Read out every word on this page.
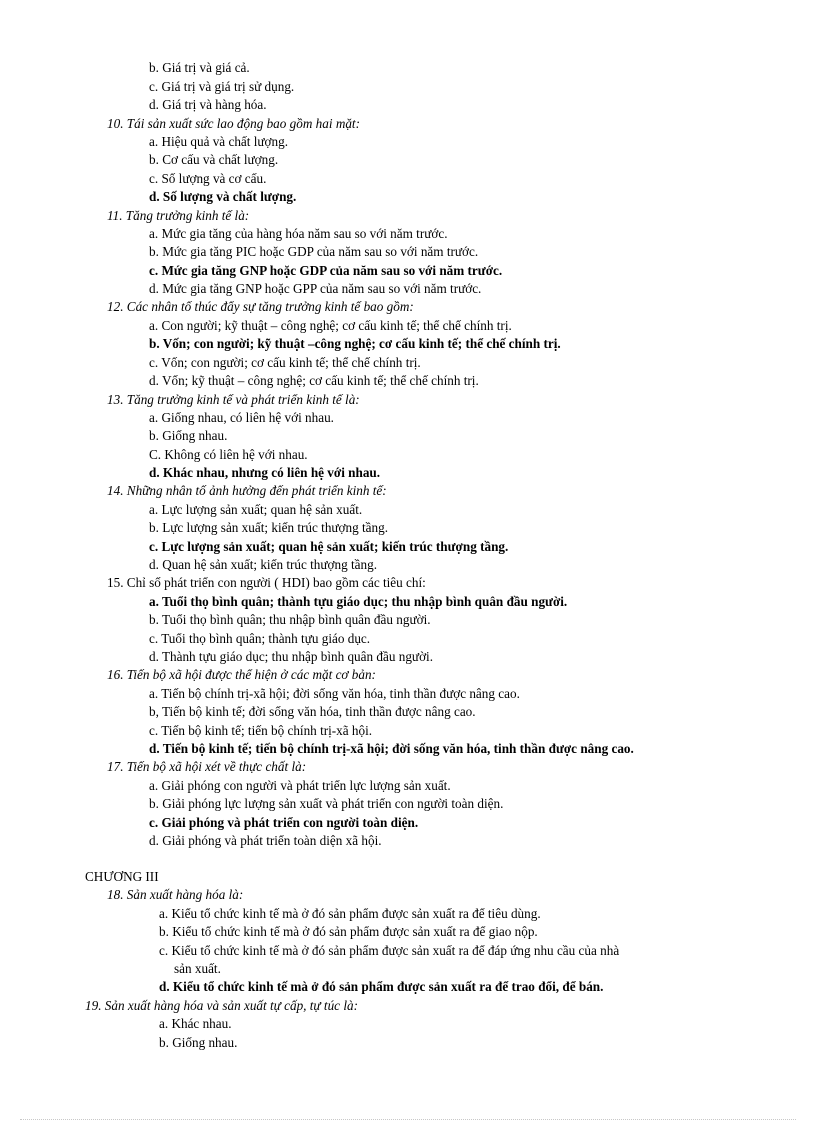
b. Giá trị và giá cả.
c. Giá trị và giá trị sử dụng.
d. Giá trị và hàng hóa.
10. Tái sản xuất sức lao động bao gồm hai mặt:
a. Hiệu quả và chất lượng.
b. Cơ cấu và chất lượng.
c. Số lượng và cơ cấu.
d. Số lượng và chất lượng.
11. Tăng trưởng kinh tế là:
a. Mức gia tăng của hàng hóa năm sau so với năm trước.
b. Mức gia tăng PIC hoặc GDP của năm sau so với năm trước.
c. Mức gia tăng GNP hoặc GDP của năm sau so với năm trước.
d. Mức gia tăng GNP hoặc GPP của năm sau so với năm trước.
12. Các nhân tố thúc đẩy sự tăng trưởng kinh tế bao gồm:
a. Con người; kỹ thuật – công nghệ; cơ cấu kinh tế; thể chế chính trị.
b. Vốn; con người; kỹ thuật –công nghệ; cơ cấu kinh tế; thể chế chính trị.
c. Vốn; con người; cơ cấu kinh tế; thể chế chính trị.
d. Vốn; kỹ thuật – công nghệ; cơ cấu kinh tế; thể chế chính trị.
13. Tăng trưởng kinh tế và phát triển kinh tế là:
a. Giống nhau, có liên hệ với nhau.
b. Giống nhau.
C. Không có liên hệ với nhau.
d. Khác nhau, nhưng có liên hệ với nhau.
14. Những nhân tố ảnh hưởng đến phát triển kinh tế:
a. Lực lượng sản xuất; quan hệ sản xuất.
b. Lực lượng sản xuất; kiến trúc thượng tầng.
c. Lực lượng sản xuất; quan hệ sản xuất; kiến trúc thượng tầng.
d. Quan hệ sản xuất; kiến trúc thượng tầng.
15. Chỉ số phát triển con người ( HDI) bao gồm các tiêu chí:
a. Tuổi thọ bình quân; thành tựu giáo dục; thu nhập bình quân đầu người.
b. Tuổi thọ bình quân; thu nhập bình quân đầu người.
c. Tuổi thọ bình quân; thành tựu giáo dục.
d. Thành tựu giáo dục; thu nhập bình quân đầu người.
16. Tiến bộ xã hội được thể hiện ở các mặt cơ bản:
a. Tiến bộ chính trị-xã hội; đời sống văn hóa, tinh thần được nâng cao.
b, Tiến bộ kinh tế; đời sống văn hóa, tinh thần được nâng cao.
c. Tiến bộ kinh tế; tiến bộ chính trị-xã hội.
d. Tiến bộ kinh tế; tiến bộ chính trị-xã hội; đời sống văn hóa, tinh thần được nâng cao.
17. Tiến bộ xã hội xét về thực chất là:
a. Giải phóng con người và phát triển lực lượng sản xuất.
b. Giải phóng lực lượng sản xuất và phát triển con người toàn diện.
c. Giải phóng và phát triển con người toàn diện.
d. Giải phóng và phát triển toàn diện xã hội.
CHƯƠNG III
18. Sản xuất hàng hóa là:
a. Kiểu tổ chức kinh tế mà ở đó sản phẩm được sản xuất ra để tiêu dùng.
b. Kiểu tổ chức kinh tế mà ở đó sản phẩm được sản xuất ra để giao nộp.
c. Kiểu tổ chức kinh tế mà ở đó sản phẩm được sản xuất ra để đáp ứng nhu cầu của nhà
sản xuất.
d. Kiểu tổ chức kinh tế mà ở đó sản phẩm được sản xuất ra để trao đổi, để bán.
19. Sản xuất hàng hóa và sản xuất tự cấp, tự túc là:
a. Khác nhau.
b. Giống nhau.
